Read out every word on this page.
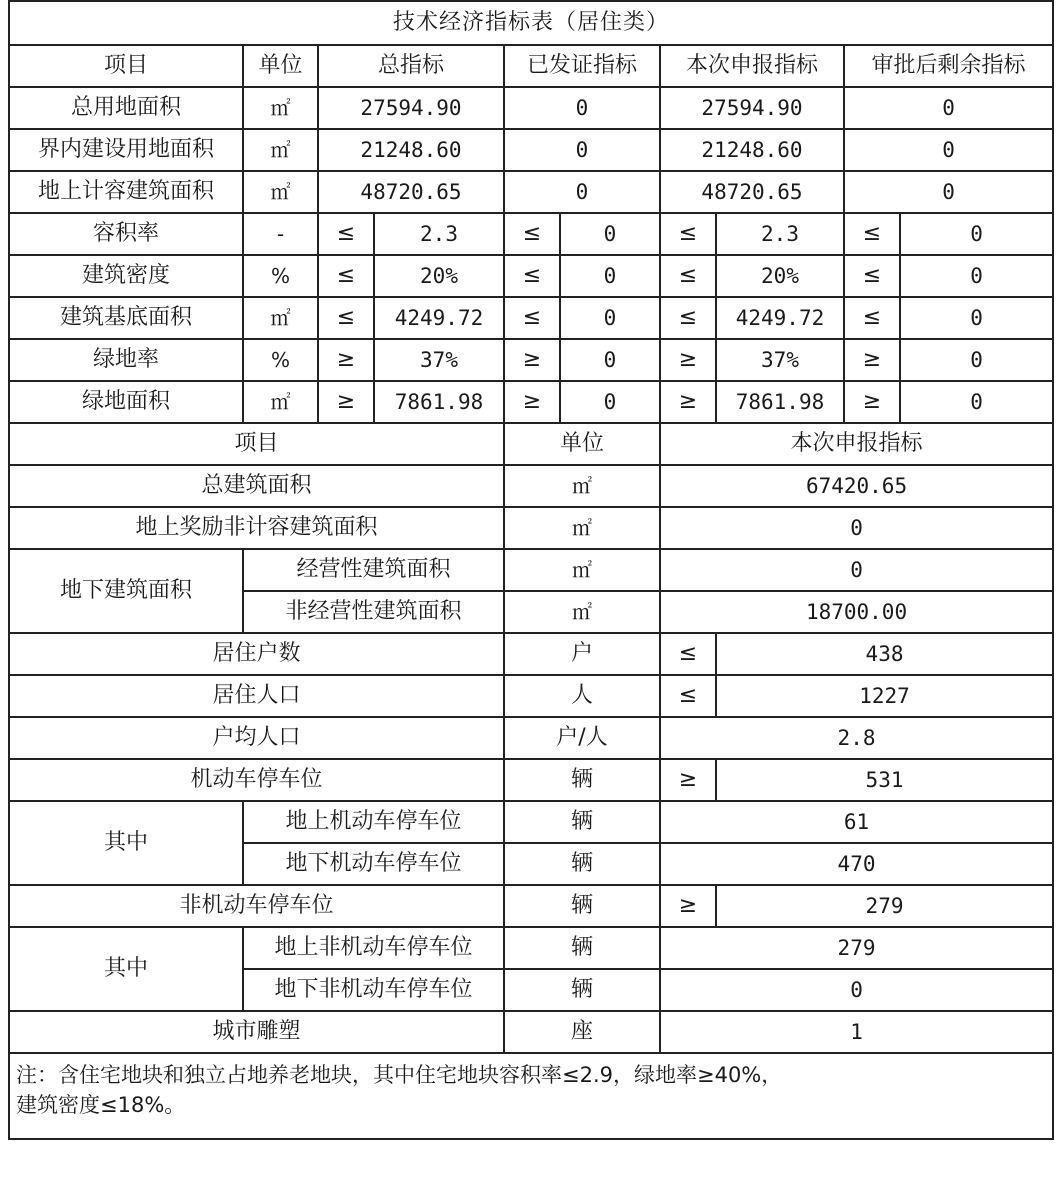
技术经济指标表（居住类）									
项目	单位	总指标		已发证指标		本次申报指标		审批后剩余指标	
总用地面积	㎡	27594.90		0		27594.90		0	
界内建设用地面积	㎡	21248.60		0		21248.60		0	
地上计容建筑面积	㎡	48720.65		0		48720.65		0	
容积率	-	≤	2.3	≤	0	≤	2.3	≤	0
建筑密度	%	≤	20%	≤	0	≤	20%	≤	0
建筑基底面积	㎡	≤	4249.72	≤	0	≤	4249.72	≤	0
绿地率	%	≥	37%	≥	0	≥	37%	≥	0
绿地面积	㎡	≥	7861.98	≥	0	≥	7861.98	≥	0
项目				单位		本次申报指标			
总建筑面积				㎡		67420.65			
地上奖励非计容建筑面积				㎡		0			
地下建筑面积	经营性建筑面积			㎡		0			
	非经营性建筑面积			㎡		18700.00			
居住户数				户		≤	438		
居住人口				人		≤	1227		
户均人口				户/人		2.8			
机动车停车位				辆		≥	531		
其中	地上机动车停车位			辆		61			
	地下机动车停车位			辆		470			
非机动车停车位				辆		≥	279		
其中	地上非机动车停车位			辆		279			
	地下非机动车停车位			辆		0			
城市雕塑				座		1			

注：含住宅地块和独立占地养老地块，其中住宅地块容积率≤2.9，绿地率≥40%，
建筑密度≤18%。									
